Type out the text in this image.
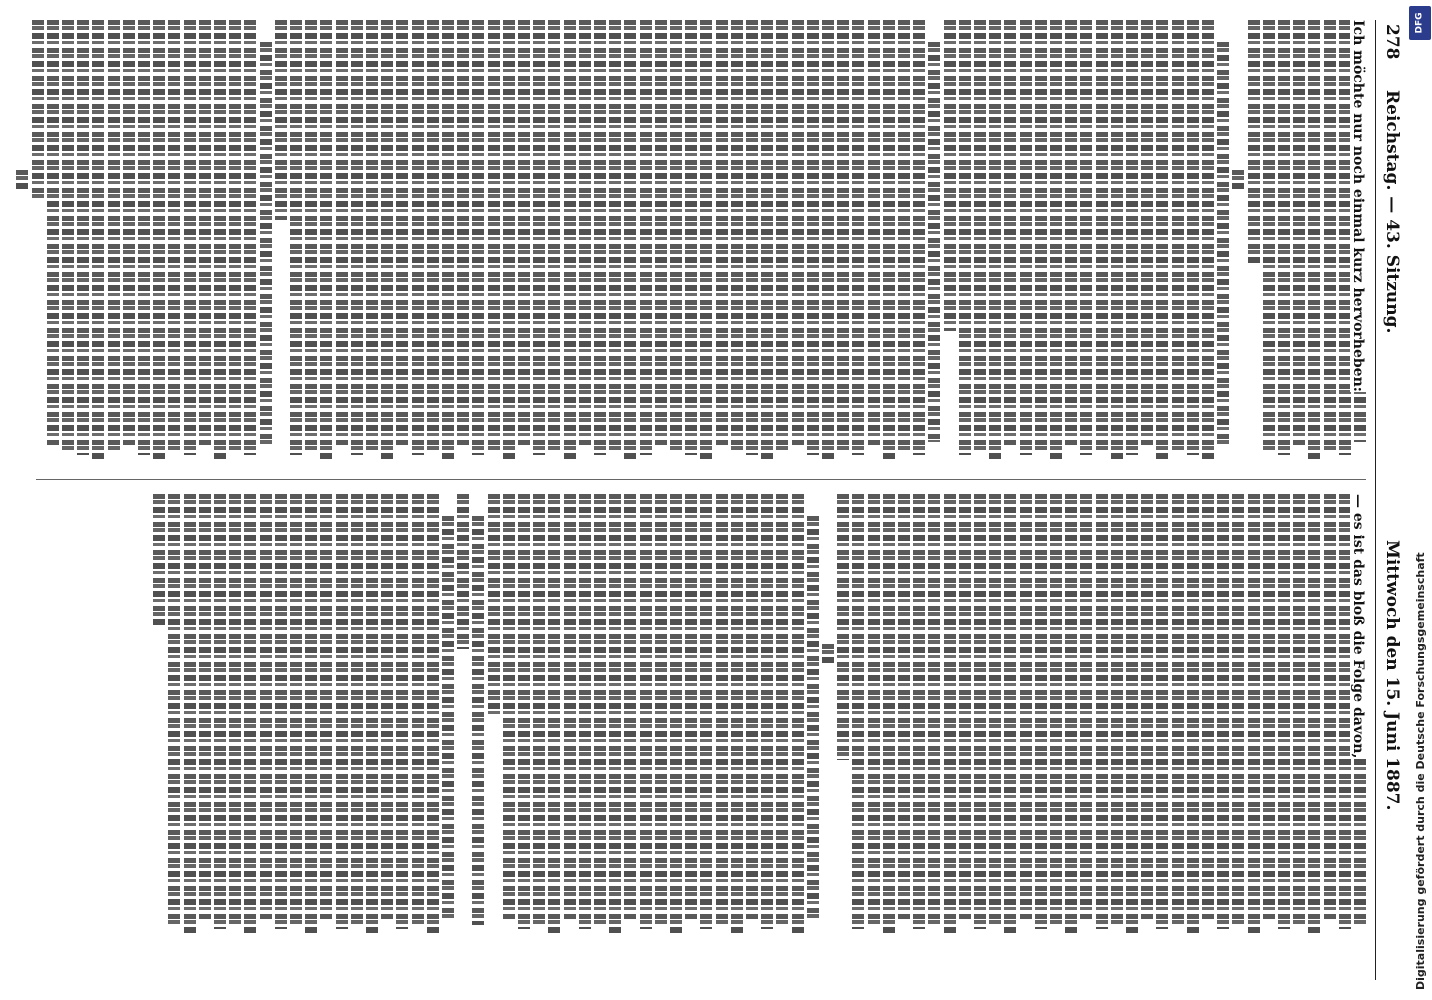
278
Reichstag. — 43. Sitzung.
Mittwoch den 15. Juni 1887.
Ich möchte nur noch einmal kurz hervorheben:
— es ist das bloß die Folge davon,	Digitalisierung gefördert durch die Deutsche Forschungsgemeinschaft
DFG
